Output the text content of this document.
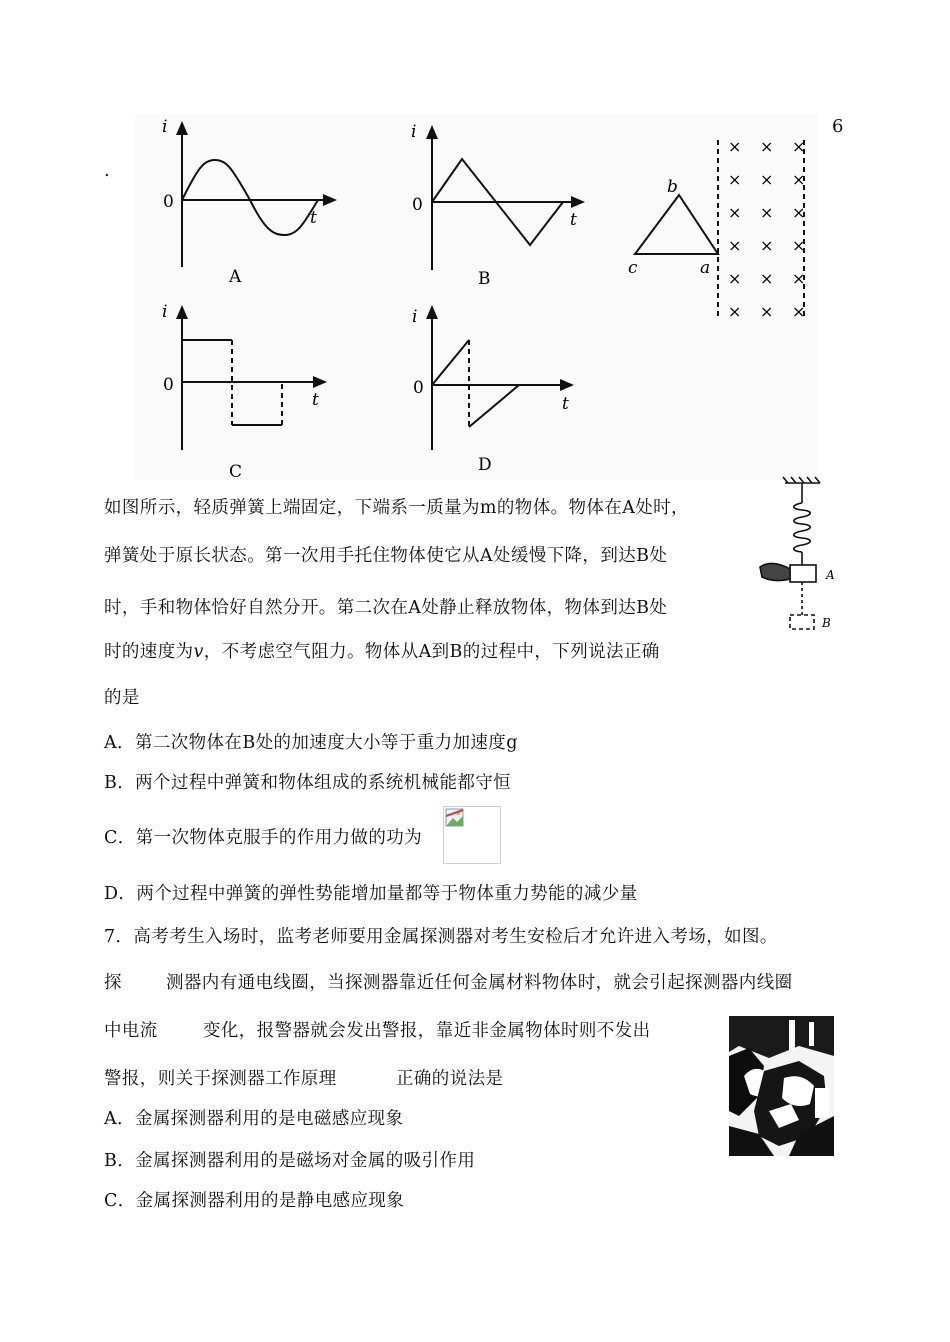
6
.
i
0
t
A
i
0
t
B
i
0
t
C
i
0
t
D
b
c	a
× × ×
× × ×
× × ×
× × ×
× × ×
× × ×
A
B
如图所示，轻质弹簧上端固定，下端系一质量为m的物体。物体在A处时，
弹簧处于原长状态。第一次用手托住物体使它从A处缓慢下降，到达B处
时，手和物体恰好自然分开。第二次在A处静止释放物体，物体到达B处
时的速度为v，不考虑空气阻力。物体从A到B的过程中，下列说法正确
的是
A．第二次物体在B处的加速度大小等于重力加速度g
B．两个过程中弹簧和物体组成的系统机械能都守恒
C．第一次物体克服手的作用力做的功为
D．两个过程中弹簧的弹性势能增加量都等于物体重力势能的减少量
7．高考考生入场时，监考老师要用金属探测器对考生安检后才允许进入考场，如图。
探	测器内有通电线圈，当探测器靠近任何金属材料物体时，就会引起探测器内线圈
中电流	变化，报警器就会发出警报，靠近非金属物体时则不发出
警报，则关于探测器工作原理	正确的说法是
A．金属探测器利用的是电磁感应现象
B．金属探测器利用的是磁场对金属的吸引作用
C．金属探测器利用的是静电感应现象
